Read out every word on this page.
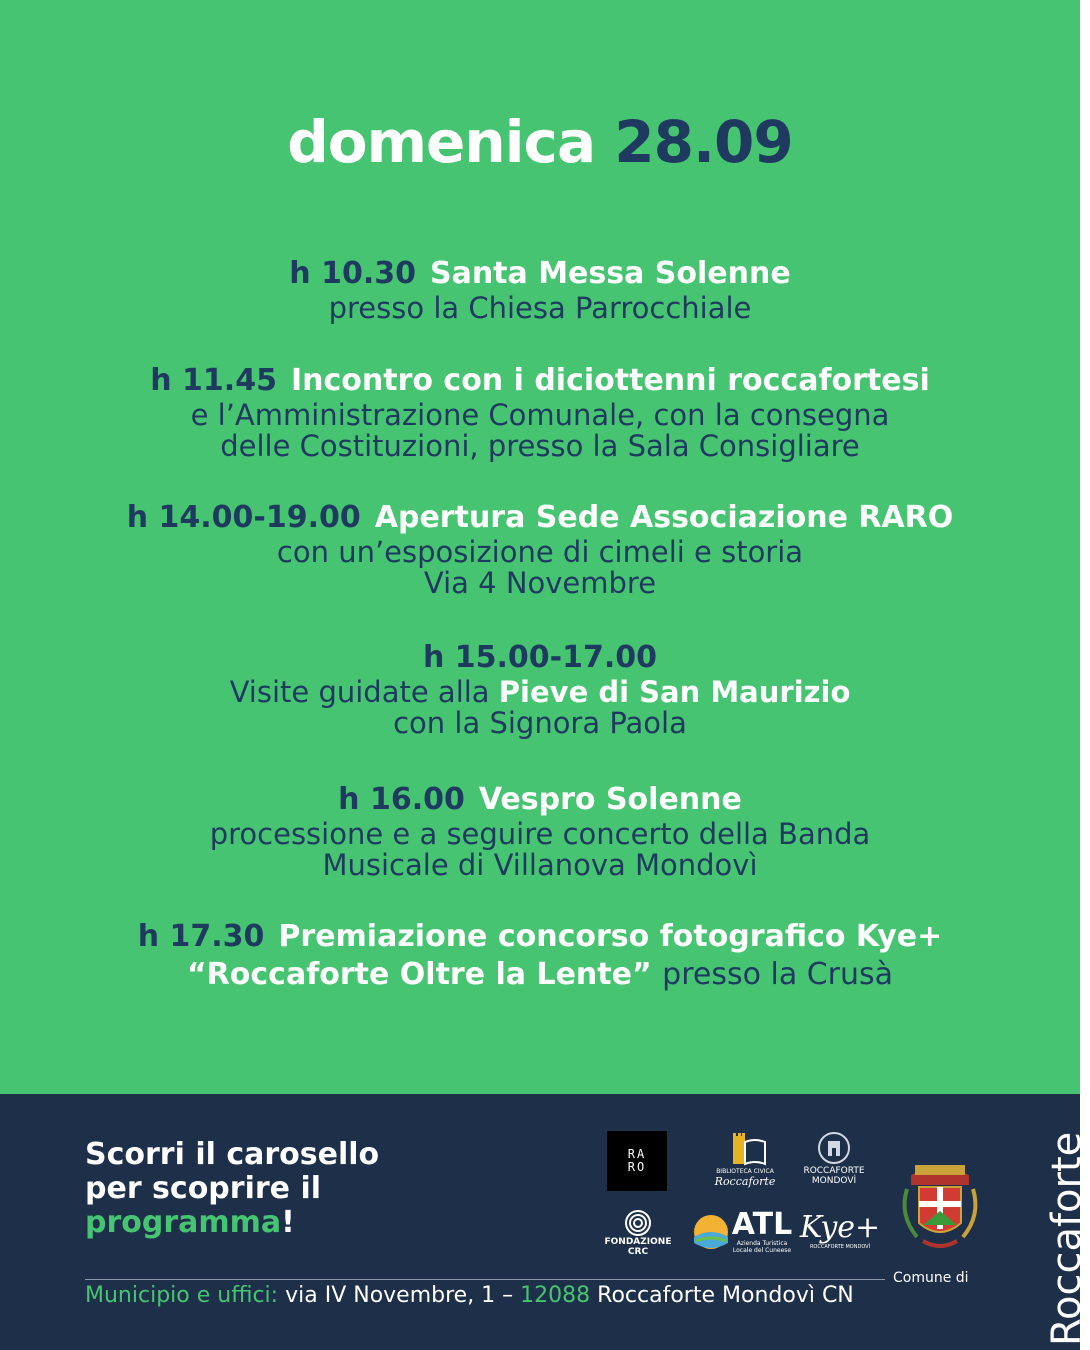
domenica 28.09
h 10.30 Santa Messa Solenne
presso la Chiesa Parrocchiale
h 11.45 Incontro con i diciottenni roccafortesi
e l’Amministrazione Comunale, con la consegna
delle Costituzioni, presso la Sala Consigliare
h 14.00-19.00 Apertura Sede Associazione RARO
con un’esposizione di cimeli e storia
Via 4 Novembre
h 15.00-17.00
Visite guidate alla Pieve di San Maurizio
con la Signora Paola
h 16.00 Vespro Solenne
processione e a seguire concerto della Banda
Musicale di Villanova Mondovì
h 17.30 Premiazione concorso fotografico Kye+
“Roccaforte Oltre la Lente” presso la Crusà
Scorri il carosello
per scoprire il
programma!	Roccaforte
Comune di
Municipio e uffici: via IV Novembre, 1 – 12088 Roccaforte Mondovì CN
RA
RO	BIBLIOTECA CIVICA
Roccaforte
ROCCAFORTE
MONDOVÌ
FONDAZIONE CRC
ATL
Azienda Turistica
Locale del Cuneese
Kye+
ROCCAFORTE MONDOVÌ
